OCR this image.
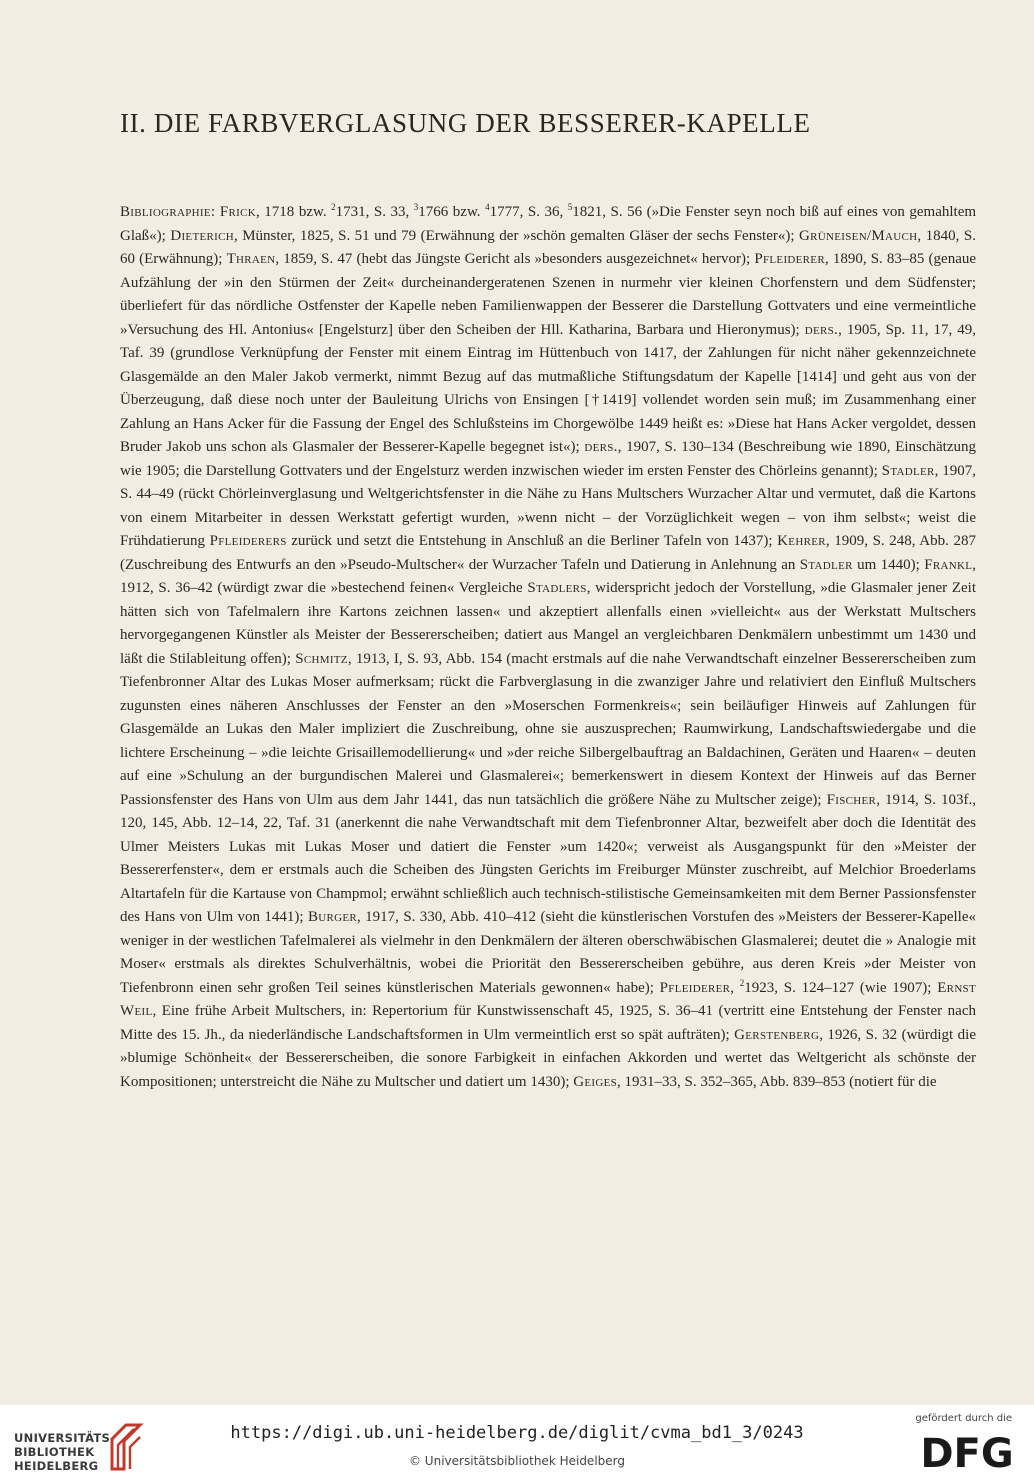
II. DIE FARBVERGLASUNG DER BESSERER-KAPELLE

Bibliographie: Frick, 1718 bzw. $^2$1731, S. 33, $^3$1766 bzw. $^4$1777, S. 36, $^5$1821, S. 56 (»Die Fenster seyn noch biß auf eines von gemahltem Glaß«); Dieterich, Münster, 1825, S. 51 und 79 (Erwähnung der »schön gemalten Gläser der sechs Fenster«); Grüneisen/Mauch, 1840, S. 60 (Erwähnung); Thraen, 1859, S. 47 (hebt das Jüngste Gericht als »besonders ausgezeichnet« hervor); Pfleiderer, 1890, S. 83–85 (genaue Aufzählung der »in den Stürmen der Zeit« durcheinandergeratenen Szenen in nurmehr vier kleinen Chorfenstern und dem Südfenster; überliefert für das nördliche Ostfenster der Kapelle neben Familienwappen der Besserer die Darstellung Gottvaters und eine vermeintliche »Versuchung des Hl. Antonius« [Engelsturz] über den Scheiben der Hll. Katharina, Barbara und Hieronymus); ders., 1905, Sp. 11, 17, 49, Taf. 39 (grundlose Verknüpfung der Fenster mit einem Eintrag im Hüttenbuch von 1417, der Zahlungen für nicht näher gekennzeichnete Glasgemälde an den Maler Jakob vermerkt, nimmt Bezug auf das mutmaßliche Stiftungsdatum der Kapelle [1414] und geht aus von der Überzeugung, daß diese noch unter der Bauleitung Ulrichs von Ensingen [†1419] vollendet worden sein muß; im Zusammenhang einer Zahlung an Hans Acker für die Fassung der Engel des Schlußsteins im Chorgewölbe 1449 heißt es: »Diese hat Hans Acker vergoldet, dessen Bruder Jakob uns schon als Glasmaler der Besserer-Kapelle begegnet ist«); ders., 1907, S. 130–134 (Beschreibung wie 1890, Einschätzung wie 1905; die Darstellung Gottvaters und der Engelsturz werden inzwischen wieder im ersten Fenster des Chörleins genannt); Stadler, 1907, S. 44–49 (rückt Chörleinverglasung und Weltgerichtsfenster in die Nähe zu Hans Multschers Wurzacher Altar und vermutet, daß die Kartons von einem Mitarbeiter in dessen Werkstatt gefertigt wurden, »wenn nicht – der Vorzüglichkeit wegen – von ihm selbst«; weist die Frühdatierung Pfleiderers zurück und setzt die Entstehung in Anschluß an die Berliner Tafeln von 1437); Kehrer, 1909, S. 248, Abb. 287 (Zuschreibung des Entwurfs an den »Pseudo-Multscher« der Wurzacher Tafeln und Datierung in Anlehnung an Stadler um 1440); Frankl, 1912, S. 36–42 (würdigt zwar die »bestechend feinen« Vergleiche Stadlers, widerspricht jedoch der Vorstellung, »die Glasmaler jener Zeit hätten sich von Tafelmalern ihre Kartons zeichnen lassen« und akzeptiert allenfalls einen »vielleicht« aus der Werkstatt Multschers hervorgegangenen Künstler als Meister der Bessererscheiben; datiert aus Mangel an vergleichbaren Denkmälern unbestimmt um 1430 und läßt die Stilableitung offen); Schmitz, 1913, I, S. 93, Abb. 154 (macht erstmals auf die nahe Verwandtschaft einzelner Bessererscheiben zum Tiefenbronner Altar des Lukas Moser aufmerksam; rückt die Farbverglasung in die zwanziger Jahre und relativiert den Einfluß Multschers zugunsten eines näheren Anschlusses der Fenster an den »Moserschen Formenkreis«; sein beiläufiger Hinweis auf Zahlungen für Glasgemälde an Lukas den Maler impliziert die Zuschreibung, ohne sie auszusprechen; Raumwirkung, Landschaftswiedergabe und die lichtere Erscheinung – »die leichte Grisaillemodellierung« und »der reiche Silbergelbauftrag an Baldachinen, Geräten und Haaren« – deuten auf eine »Schulung an der burgundischen Malerei und Glasmalerei«; bemerkenswert in diesem Kontext der Hinweis auf das Berner Passionsfenster des Hans von Ulm aus dem Jahr 1441, das nun tatsächlich die größere Nähe zu Multscher zeige); Fischer, 1914, S. 103f., 120, 145, Abb. 12–14, 22, Taf. 31 (anerkennt die nahe Verwandtschaft mit dem Tiefenbronner Altar, bezweifelt aber doch die Identität des Ulmer Meisters Lukas mit Lukas Moser und datiert die Fenster »um 1420«; verweist als Ausgangspunkt für den »Meister der Bessererfenster«, dem er erstmals auch die Scheiben des Jüngsten Gerichts im Freiburger Münster zuschreibt, auf Melchior Broederlams Altartafeln für die Kartause von Champmol; erwähnt schließlich auch technisch-stilistische Gemeinsamkeiten mit dem Berner Passionsfenster des Hans von Ulm von 1441); Burger, 1917, S. 330, Abb. 410–412 (sieht die künstlerischen Vorstufen des »Meisters der Besserer-Kapelle« weniger in der westlichen Tafelmalerei als vielmehr in den Denkmälern der älteren oberschwäbischen Glasmalerei; deutet die » Analogie mit Moser« erstmals als direktes Schulverhältnis, wobei die Priorität den Bessererscheiben gebühre, aus deren Kreis »der Meister von Tiefenbronn einen sehr großen Teil seines künstlerischen Materials gewonnen« habe); Pfleiderer, $^2$1923, S. 124–127 (wie 1907); Ernst Weil, Eine frühe Arbeit Multschers, in: Repertorium für Kunstwissenschaft 45, 1925, S. 36–41 (vertritt eine Entstehung der Fenster nach Mitte des 15. Jh., da niederländische Landschaftsformen in Ulm vermeintlich erst so spät aufträten); Gerstenberg, 1926, S. 32 (würdigt die »blumige Schönheit« der Bessererscheiben, die sonore Farbigkeit in einfachen Akkorden und wertet das Weltgericht als schönste der Kompositionen; unterstreicht die Nähe zu Multscher und datiert um 1430); Geiges, 1931–33, S. 352–365, Abb. 839–853 (notiert für die

UNIVERSITÄTS-
BIBLIOTHEK
HEIDELBERG
https://digi.ub.uni-heidelberg.de/diglit/cvma_bd1_3/0243
© Universitätsbibliothek Heidelberg
gefördert durch die
DFG
